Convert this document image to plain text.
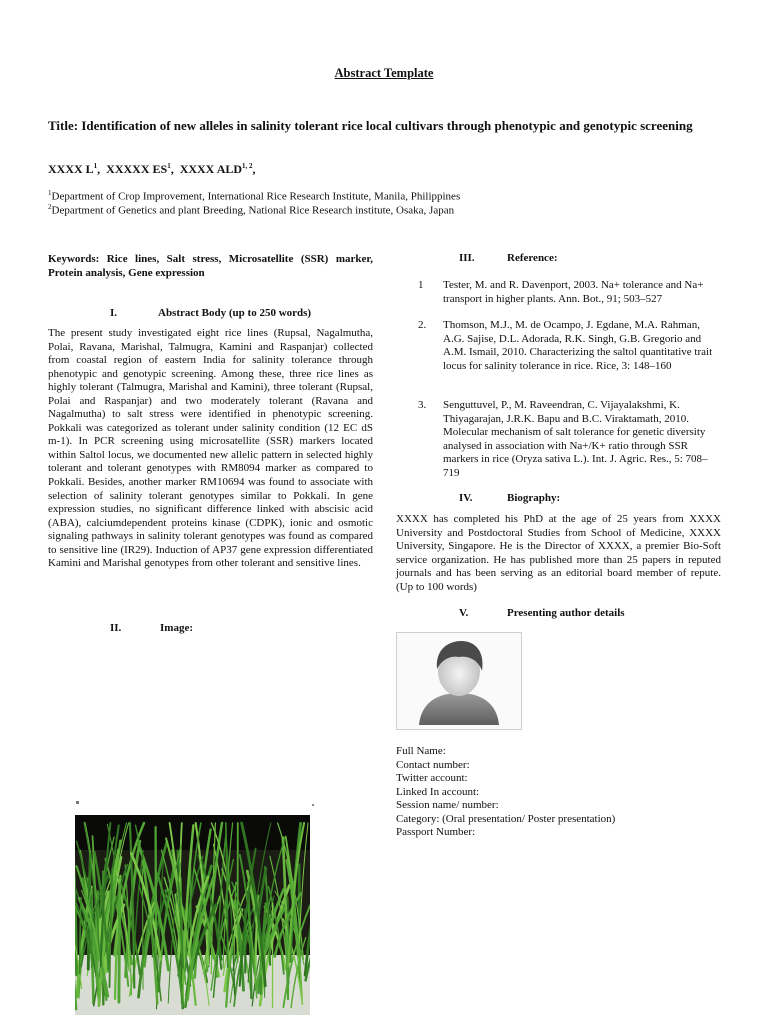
Abstract Template
Title: Identification of new alleles in salinity tolerant rice local cultivars through phenotypic and genotypic screening
XXXX $L^1$,  XXXXX $ES^1$,  XXXX ALD$^{1, 2}$,
$^1$Department of Crop Improvement, International Rice Research Institute, Manila, Philippines
$^2$Department of Genetics and plant Breeding, National Rice Research institute, Osaka, Japan
Keywords: Rice lines, Salt stress, Microsatellite (SSR) marker, Protein analysis, Gene expression
I.	Abstract Body (up to 250 words)
The present study investigated eight rice lines (Rupsal, Nagalmutha, Polai, Ravana, Marishal, Talmugra, Kamini and Raspanjar) collected from coastal region of eastern India for salinity tolerance through phenotypic and genotypic screening. Among these, three rice lines as highly tolerant (Talmugra, Marishal and Kamini), three tolerant (Rupsal, Polai and Raspanjar) and two moderately tolerant (Ravana and Nagalmutha) to salt stress were identified in phenotypic screening. Pokkali was categorized as tolerant under salinity condition (12 EC dS m-1). In PCR screening using microsatellite (SSR) markers located within Saltol locus, we documented new allelic pattern in selected highly tolerant and tolerant genotypes with RM8094 marker as compared to Pokkali. Besides, another marker RM10694 was found to associate with selection of salinity tolerant genotypes similar to Pokkali. In gene expression studies, no significant difference linked with abscisic acid (ABA), calciumdependent proteins kinase (CDPK), ionic and osmotic signaling pathways in salinity tolerant genotypes was found as compared to sensitive line (IR29). Induction of AP37 gene expression differentiated Kamini and Marishal genotypes from other tolerant and sensitive lines.
II.	Image:
III.	Reference:
1 Tester, M. and R. Davenport, 2003. Na+ tolerance and Na+ transport in higher plants. Ann. Bot., 91; 503–527
2. Thomson, M.J., M. de Ocampo, J. Egdane, M.A. Rahman, A.G. Sajise, D.L. Adorada, R.K. Singh, G.B. Gregorio and A.M. Ismail, 2010. Characterizing the saltol quantitative trait locus for salinity tolerance in rice. Rice, 3: 148–160
3. Senguttuvel, P., M. Raveendran, C. Vijayalakshmi, K. Thiyagarajan, J.R.K. Bapu and B.C. Viraktamath, 2010. Molecular mechanism of salt tolerance for genetic diversity analysed in association with Na+/K+ ratio through SSR markers in rice (Oryza sativa L.). Int. J. Agric. Res., 5: 708–719
IV.	Biography:
XXXX has completed his PhD at the age of 25 years from XXXX University and Postdoctoral Studies from School of Medicine, XXXX University, Singapore. He is the Director of XXXX, a premier Bio-Soft service organization. He has published more than 25 papers in reputed journals and has been serving as an editorial board member of repute. (Up to 100 words)
V.	Presenting author details
Full Name:
Contact number:
Twitter account:
Linked In account:
Session name/ number:
Category: (Oral presentation/ Poster presentation)
Passport Number:
